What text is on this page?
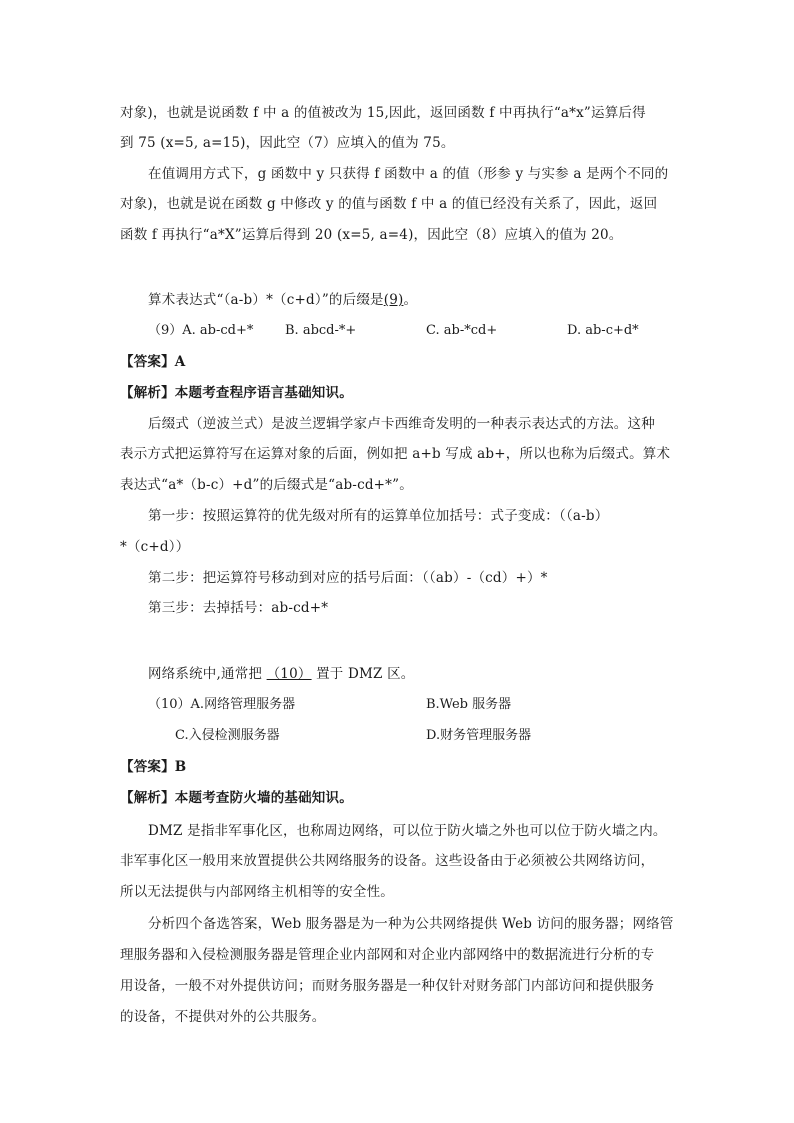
对象)，也就是说函数 f 中 a 的值被改为 15,因此，返回函数 f 中再执行“a*x”运算后得
到 75 (x=5, a=15)，因此空（7）应填入的值为 75。
在值调用方式下，g 函数中 y 只获得 f 函数中 a 的值（形参 y 与实参 a 是两个不同的
对象)，也就是说在函数 g 中修改 y 的值与函数 f 中 a 的值已经没有关系了，因此，返回
函数 f 再执行“a*X”运算后得到 20 (x=5, a=4)，因此空（8）应填入的值为 20。
算术表达式“（a-b）*（c+d）”的后缀是(9)。
（9）A. ab-cd+* B. abcd-*+	C. ab-*cd+	D. ab-c+d*
【答案】A
【解析】本题考查程序语言基础知识。
后缀式（逆波兰式）是波兰逻辑学家卢卡西维奇发明的一种表示表达式的方法。这种
表示方式把运算符写在运算对象的后面，例如把 a+b 写成 ab+，所以也称为后缀式。算术
表达式“a*（b-c）+d”的后缀式是“ab-cd+*”。
第一步：按照运算符的优先级对所有的运算单位加括号：式子变成：（（a-b）
*（c+d））
第二步：把运算符号移动到对应的括号后面：（（ab）-（cd）+）*
第三步：去掉括号：ab-cd+*
网络系统中,通常把 （10） 置于 DMZ 区。
（10）A.网络管理服务器	B.Web 服务器
C.入侵检测服务器	D.财务管理服务器
【答案】B
【解析】本题考查防火墙的基础知识。
DMZ 是指非军事化区，也称周边网络，可以位于防火墙之外也可以位于防火墙之内。
非军事化区一般用来放置提供公共网络服务的设备。这些设备由于必须被公共网络访问，
所以无法提供与内部网络主机相等的安全性。
分析四个备选答案，Web 服务器是为一种为公共网络提供 Web 访问的服务器；网络管
理服务器和入侵检测服务器是管理企业内部网和对企业内部网络中的数据流进行分析的专
用设备，一般不对外提供访问；而财务服务器是一种仅针对财务部门内部访问和提供服务
的设备，不提供对外的公共服务。
